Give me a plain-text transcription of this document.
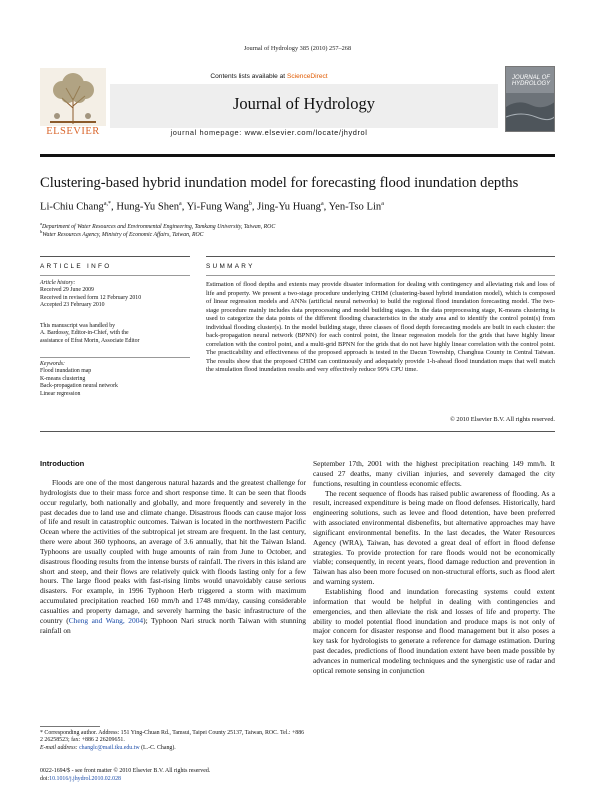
Journal of Hydrology 385 (2010) 257–268
Contents lists available at ScienceDirect
Journal of Hydrology
journal homepage: www.elsevier.com/locate/jhydrol
ELSEVIER
JOURNAL OF HYDROLOGY
Clustering-based hybrid inundation model for forecasting flood inundation depths
Li-Chiu Chang$^{a,*}$, Hung-Yu Shen$^a$, Yi-Fung Wang$^b$, Jing-Yu Huang$^a$, Yen-Tso Lin$^a$
$^a$Department of Water Resources and Environmental Engineering, Tamkang University, Taiwan, ROC
$^b$Water Resources Agency, Ministry of Economic Affairs, Taiwan, ROC
ARTICLE INFO
Article history:
Received 29 June 2009
Received in revised form 12 February 2010
Accepted 23 February 2010
This manuscript was handled by
A. Bardossy, Editor-in-Chief, with the
assistance of Efrat Morin, Associate Editor
Keywords:
Flood inundation map
K-means clustering
Back-propagation neural network
Linear regression
SUMMARY
Estimation of flood depths and extents may provide disaster information for dealing with contingency and alleviating risk and loss of life and property. We present a two-stage procedure underlying CHIM (clustering-based hybrid inundation model), which is composed of linear regression models and ANNs (artificial neural networks) to build the regional flood inundation forecasting model. The two-stage procedure mainly includes data preprocessing and model building stages. In the data preprocessing stage, K-means clustering is used to categorize the data points of the different flooding characteristics in the study area and to identify the control point(s) from individual flooding cluster(s). In the model building stage, three classes of flood depth forecasting models are built in each cluster: the back-propagation neural network (BPNN) for each control point, the linear regression models for the grids that have highly linear correlation with the control point, and a multi-grid BPNN for the grids that do not have highly linear correlation with the control point. The practicability and effectiveness of the proposed approach is tested in the Dacun Township, Changhua County in Central Taiwan. The results show that the proposed CHIM can continuously and adequately provide 1-h-ahead flood inundation maps that well match the simulation flood inundation results and very effectively reduce 99% CPU time.
© 2010 Elsevier B.V. All rights reserved.
Introduction

Floods are one of the most dangerous natural hazards and the greatest challenge for hydrologists due to their mass force and short response time. It can be seen that floods occur regularly, both nationally and globally, and more frequently and severely in the past decades due to land use and climate change. Disastrous floods can cause major loss of life and result in catastrophic outcomes. Taiwan is located in the northwestern Pacific Ocean where the activities of the subtropical jet stream are frequent. In the last century, there were about 360 typhoons, an average of 3.6 annually, that hit the Taiwan Island. Typhoons are usually coupled with huge amounts of rain from June to October, and disastrous flooding results from the intense bursts of rainfall. The rivers in this island are short and steep, and their flows are relatively quick with floods lasting only for a few hours. The large flood peaks with fast-rising limbs would unavoidably cause serious disasters. For example, in 1996 Typhoon Herb triggered a storm with maximum accumulated precipitation reached 160 mm/h and 1748 mm/day, causing considerable casualties and property damage, and severely harming the basic infrastructure of the country (Cheng and Wang, 2004); Typhoon Nari struck north Taiwan with stunning rainfall on

* Corresponding author. Address: 151 Ying-Chuan Rd., Tamsui, Taipei County 25137, Taiwan, ROC. Tel.: +886 2 26258523; fax: +886 2 26209651.
E-mail address: changlc@mail.tku.edu.tw (L.-C. Chang).
0022-1694/$ - see front matter © 2010 Elsevier B.V. All rights reserved.
doi:10.1016/j.jhydrol.2010.02.028

September 17th, 2001 with the highest precipitation reaching 149 mm/h. It caused 27 deaths, many civilian injuries, and severely damaged the city functions, resulting in countless economic effects.

The recent sequence of floods has raised public awareness of flooding. As a result, increased expenditure is being made on flood defenses. Historically, hard engineering solutions, such as levee and flood detention, have been preferred with associated environmental disbenefits, but alternative approaches may have significant environmental benefits. In the last decades, the Water Resources Agency (WRA), Taiwan, has devoted a great deal of effort in flood defense strategies. To provide protection for rare floods would not be economically viable; consequently, in recent years, flood damage reduction and prevention in Taiwan has also been more focused on non-structural efforts, such as flood alert and warning system.

Establishing flood and inundation forecasting systems could extent information that would be helpful in dealing with contingencies and emergencies, and then alleviate the risk and losses of life and property. The ability to model potential flood inundation and produce maps is not only of major concern for disaster response and flood management but it also poses a key task for hydrologists to generate a reference for damage estimation. During past decades, predictions of flood inundation extent have been made possible by advances in numerical modeling techniques and the synergistic use of radar and optical remote sensing in conjunction
